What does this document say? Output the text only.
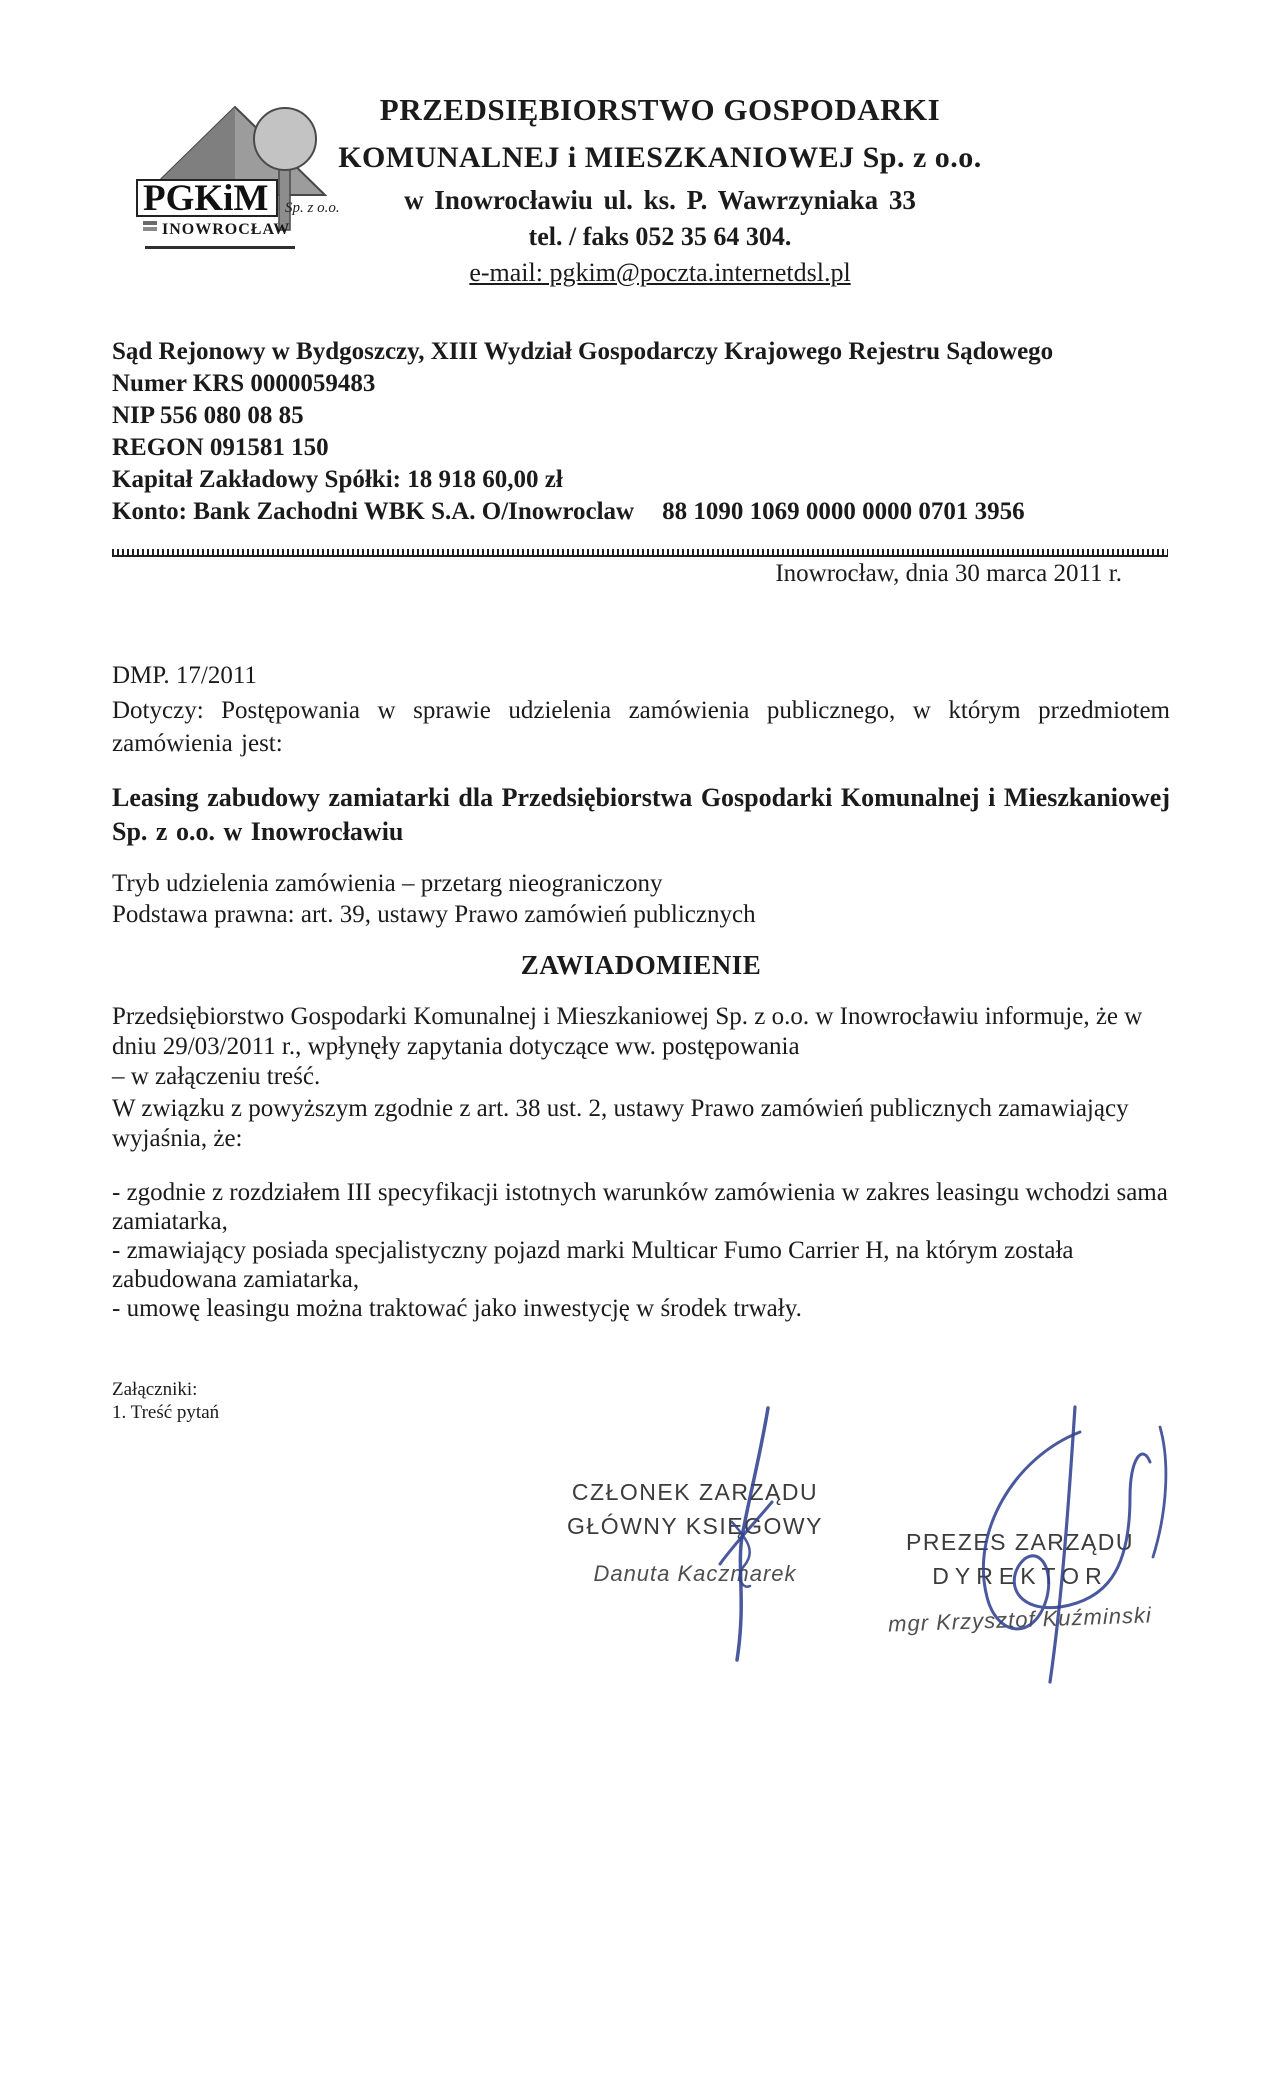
PGKiM Sp. z o.o.
INOWROCŁAW
PRZEDSIĘBIORSTWO GOSPODARKI
KOMUNALNEJ i MIESZKANIOWEJ Sp. z o.o.
w Inowrocławiu ul. ks. P. Wawrzyniaka 33
tel. / faks 052 35 64 304.
e-mail: pgkim@poczta.internetdsl.pl
Sąd Rejonowy w Bydgoszczy, XIII Wydział Gospodarczy Krajowego Rejestru Sądowego
Numer KRS 0000059483
NIP 556 080 08 85
REGON 091581 150
Kapitał Zakładowy Spółki: 18 918 60,00 zł
Konto: Bank Zachodni WBK S.A. O/Inowroclaw 88 1090 1069 0000 0000 0701 3956
Inowrocław, dnia 30 marca 2011 r.
DMP. 17/2011
Dotyczy: Postępowania w sprawie udzielenia zamówienia publicznego, w którym przedmiotem zamówienia jest:
Leasing zabudowy zamiatarki dla Przedsiębiorstwa Gospodarki Komunalnej i Mieszkaniowej Sp. z o.o. w Inowrocławiu
Tryb udzielenia zamówienia – przetarg nieograniczony
Podstawa prawna: art. 39, ustawy Prawo zamówień publicznych
ZAWIADOMIENIE
Przedsiębiorstwo Gospodarki Komunalnej i Mieszkaniowej Sp. z o.o. w Inowrocławiu informuje, że w dniu 29/03/2011 r., wpłynęły zapytania dotyczące ww. postępowania
– w załączeniu treść.
W związku z powyższym zgodnie z art. 38 ust. 2, ustawy Prawo zamówień publicznych zamawiający wyjaśnia, że:

- zgodnie z rozdziałem III specyfikacji istotnych warunków zamówienia w zakres leasingu wchodzi sama zamiatarka,

- zmawiający posiada specjalistyczny pojazd marki Multicar Fumo Carrier H, na którym została zabudowana zamiatarka,

- umowę leasingu można traktować jako inwestycję w środek trwały.

Załączniki:
1. Treść pytań
CZŁONEK ZARZĄDU
GŁÓWNY KSIĘGOWY
Danuta Kaczmarek
PREZES ZARZĄDU
DYREKTOR
mgr Krzysztof Kuźminski
